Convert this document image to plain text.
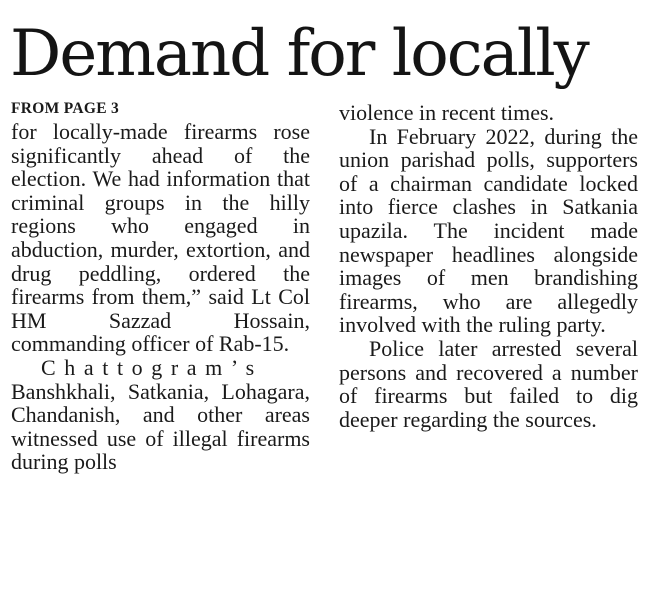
Demand for locally
FROM PAGE 3

for locally-made firearms rose significantly ahead of the election. We had information that criminal groups in the hilly regions who engaged in abduction, murder, extortion, and drug peddling, ordered the firearms from them,” said Lt Col HM Sazzad Hossain, commanding officer of Rab-15.

Chattogram’s Banshkhali, Satkania, Lohagara, Chandanish, and other areas witnessed use of illegal firearms during polls

violence in recent times.

In February 2022, during the union parishad polls, supporters of a chairman candidate locked into fierce clashes in Satkania upazila. The incident made newspaper headlines alongside images of men brandishing firearms, who are allegedly involved with the ruling party.

Police later arrested several persons and recovered a number of firearms but failed to dig deeper regarding the sources.
